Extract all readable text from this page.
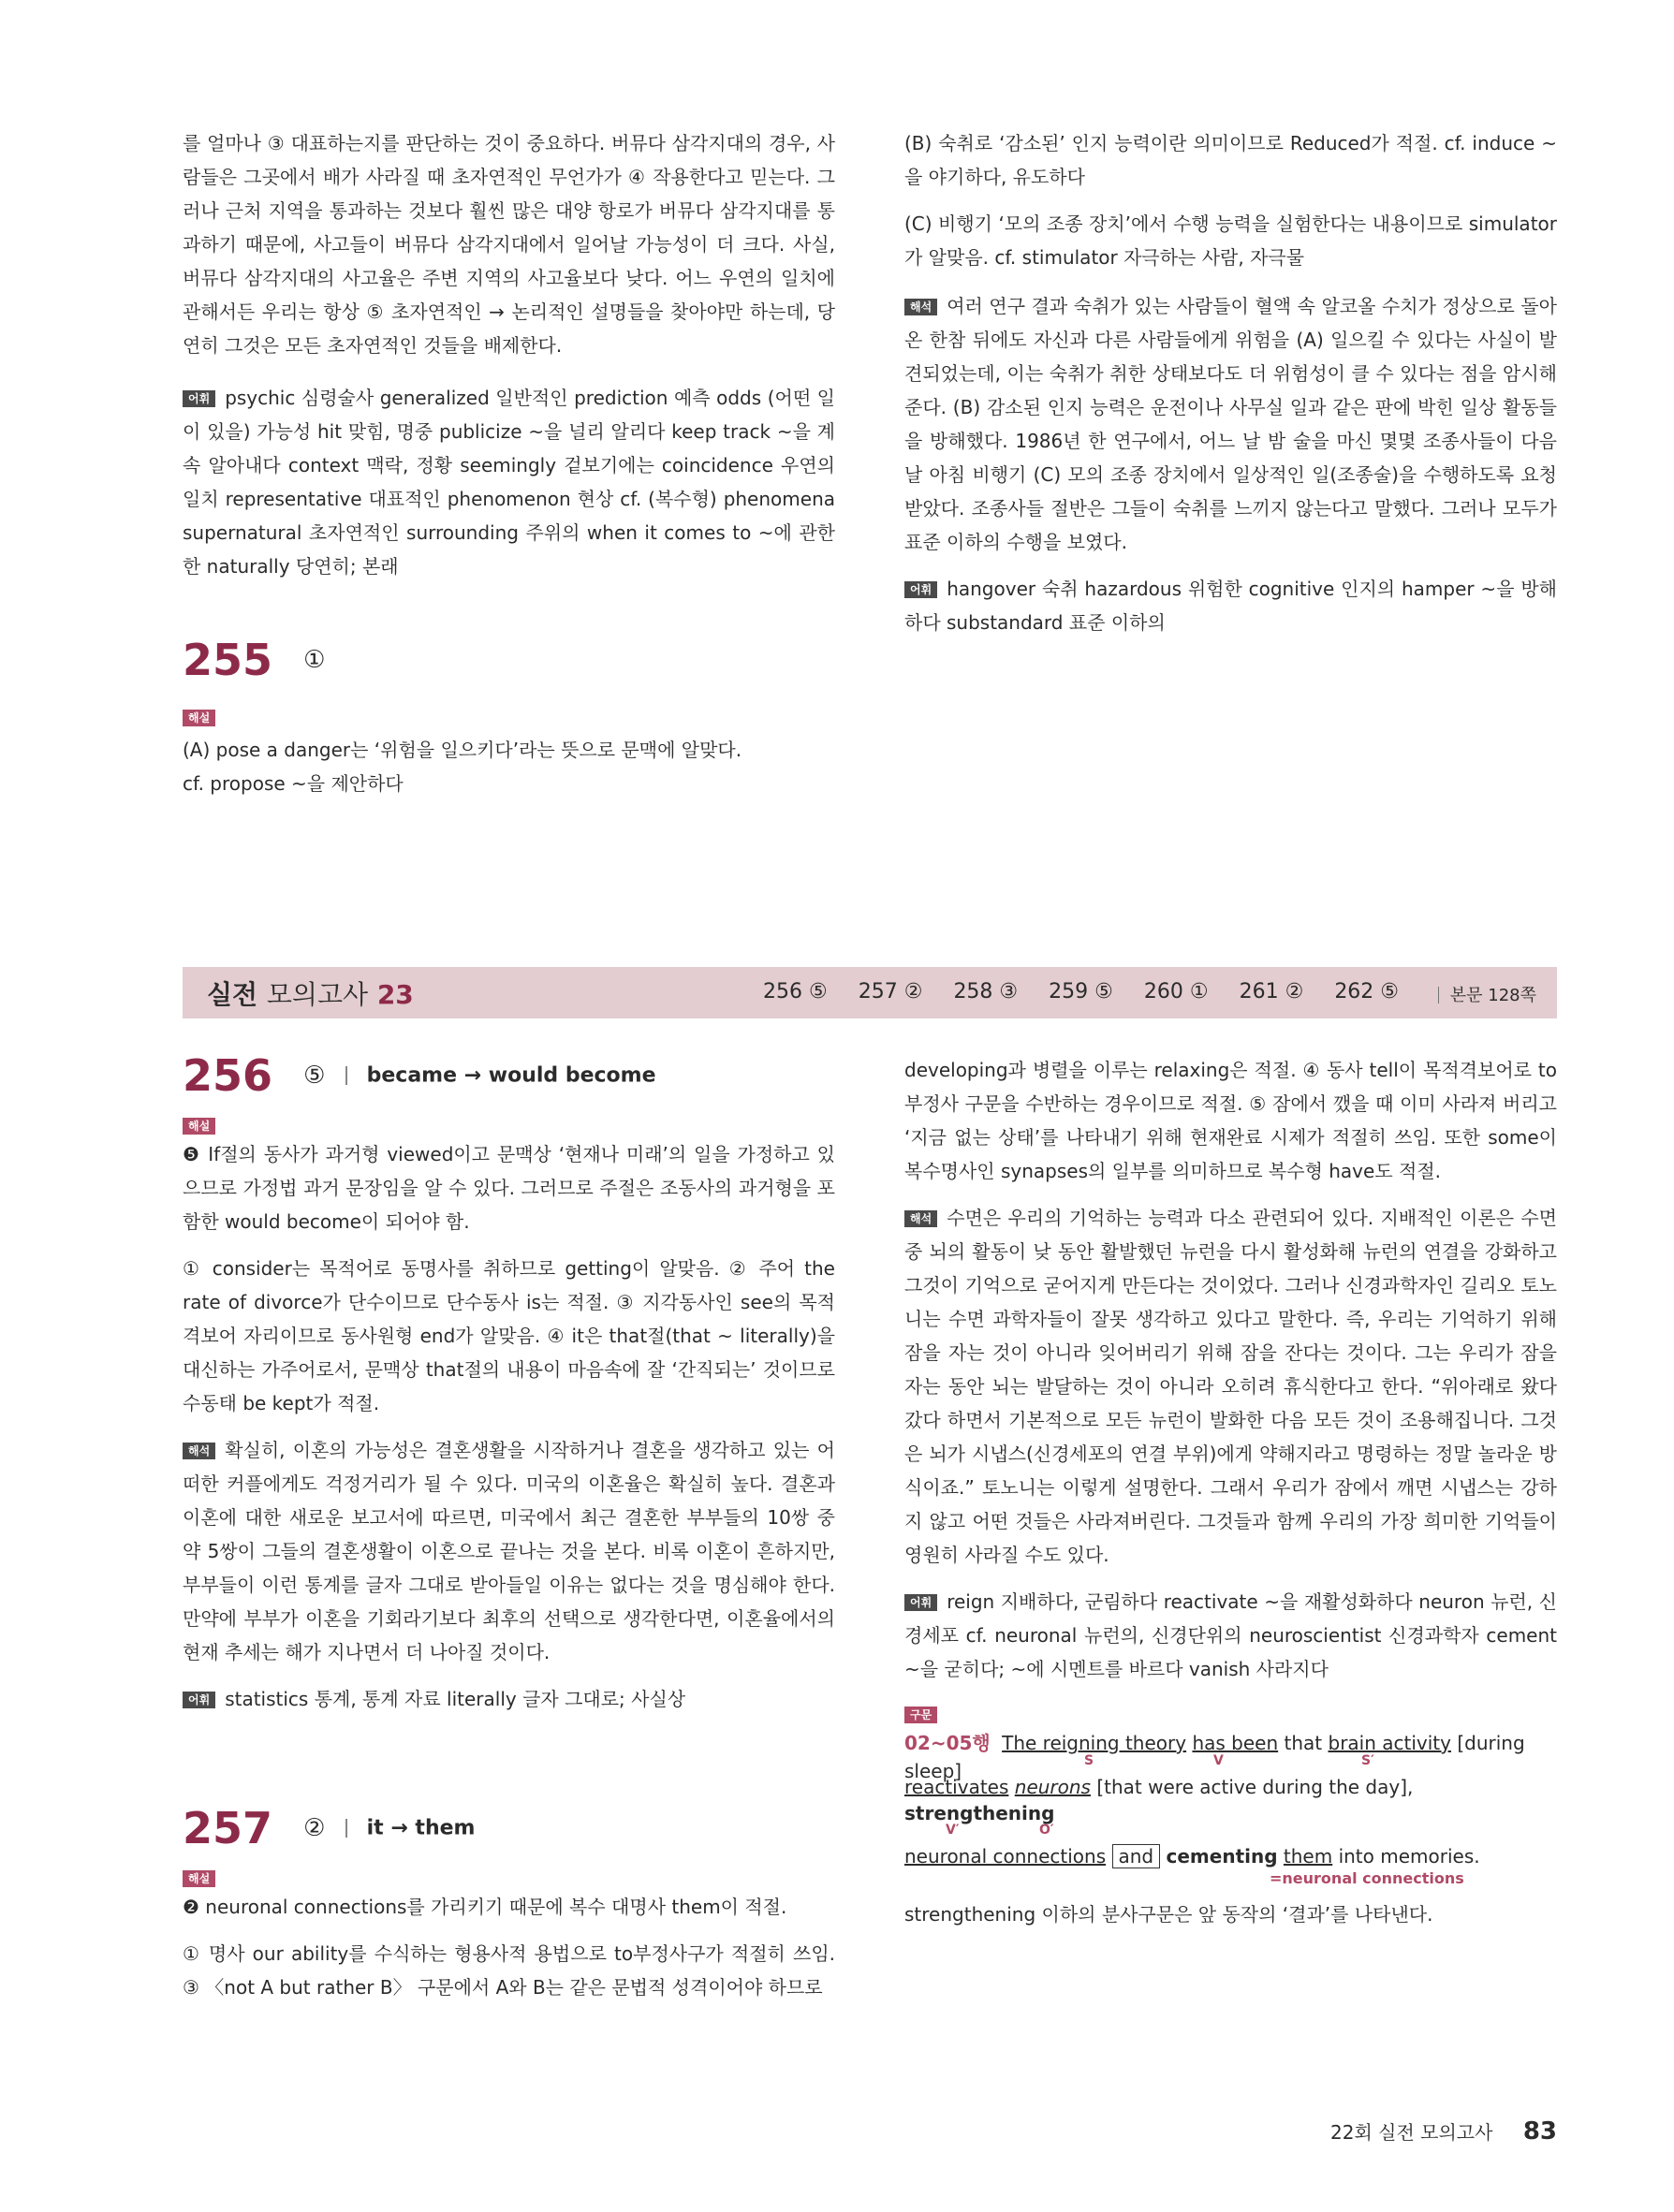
를 얼마나 ③ 대표하는지를 판단하는 것이 중요하다. 버뮤다 삼각지대의 경우, 사람들은 그곳에서 배가 사라질 때 초자연적인 무언가가 ④ 작용한다고 믿는다. 그러나 근처 지역을 통과하는 것보다 훨씬 많은 대양 항로가 버뮤다 삼각지대를 통과하기 때문에, 사고들이 버뮤다 삼각지대에서 일어날 가능성이 더 크다. 사실, 버뮤다 삼각지대의 사고율은 주변 지역의 사고율보다 낮다. 어느 우연의 일치에 관해서든 우리는 항상 ⑤ 초자연적인 → 논리적인 설명들을 찾아야만 하는데, 당연히 그것은 모든 초자연적인 것들을 배제한다.

어휘 psychic 심령술사 generalized 일반적인 prediction 예측 odds (어떤 일이 있을) 가능성 hit 맞힘, 명중 publicize ~을 널리 알리다 keep track ~을 계속 알아내다 context 맥락, 정황 seemingly 겉보기에는 coincidence 우연의 일치 representative 대표적인 phenomenon 현상 cf. (복수형) phenomena supernatural 초자연적인 surrounding 주위의 when it comes to ~에 관한 한 naturally 당연히; 본래

255 ①
해설

(A) pose a danger는 ‘위험을 일으키다’라는 뜻으로 문맥에 알맞다.

cf. propose ~을 제안하다

(B) 숙취로 ‘감소된’ 인지 능력이란 의미이므로 Reduced가 적절. cf. induce ~을 야기하다, 유도하다

(C) 비행기 ‘모의 조종 장치’에서 수행 능력을 실험한다는 내용이므로 simulator가 알맞음. cf. stimulator 자극하는 사람, 자극물

해석 여러 연구 결과 숙취가 있는 사람들이 혈액 속 알코올 수치가 정상으로 돌아온 한참 뒤에도 자신과 다른 사람들에게 위험을 (A) 일으킬 수 있다는 사실이 발견되었는데, 이는 숙취가 취한 상태보다도 더 위험성이 클 수 있다는 점을 암시해 준다. (B) 감소된 인지 능력은 운전이나 사무실 일과 같은 판에 박힌 일상 활동들을 방해했다. 1986년 한 연구에서, 어느 날 밤 술을 마신 몇몇 조종사들이 다음 날 아침 비행기 (C) 모의 조종 장치에서 일상적인 일(조종술)을 수행하도록 요청받았다. 조종사들 절반은 그들이 숙취를 느끼지 않는다고 말했다. 그러나 모두가 표준 이하의 수행을 보였다.

어휘 hangover 숙취 hazardous 위험한 cognitive 인지의 hamper ~을 방해하다 substandard 표준 이하의

실전 모의고사 23	256 ⑤ 257 ② 258 ③ 259 ⑤ 260 ① 261 ② 262 ⑤	본문 128쪽
256 ⑤ became → would become
해설

❺ If절의 동사가 과거형 viewed이고 문맥상 ‘현재나 미래’의 일을 가정하고 있으므로 가정법 과거 문장임을 알 수 있다. 그러므로 주절은 조동사의 과거형을 포함한 would become이 되어야 함.

① consider는 목적어로 동명사를 취하므로 getting이 알맞음. ② 주어 the rate of divorce가 단수이므로 단수동사 is는 적절. ③ 지각동사인 see의 목적격보어 자리이므로 동사원형 end가 알맞음. ④ it은 that절(that ~ literally)을 대신하는 가주어로서, 문맥상 that절의 내용이 마음속에 잘 ‘간직되는’ 것이므로 수동태 be kept가 적절.

해석 확실히, 이혼의 가능성은 결혼생활을 시작하거나 결혼을 생각하고 있는 어떠한 커플에게도 걱정거리가 될 수 있다. 미국의 이혼율은 확실히 높다. 결혼과 이혼에 대한 새로운 보고서에 따르면, 미국에서 최근 결혼한 부부들의 10쌍 중 약 5쌍이 그들의 결혼생활이 이혼으로 끝나는 것을 본다. 비록 이혼이 흔하지만, 부부들이 이런 통계를 글자 그대로 받아들일 이유는 없다는 것을 명심해야 한다. 만약에 부부가 이혼을 기회라기보다 최후의 선택으로 생각한다면, 이혼율에서의 현재 추세는 해가 지나면서 더 나아질 것이다.

어휘 statistics 통계, 통계 자료 literally 글자 그대로; 사실상

257 ② it → them
해설

❷ neuronal connections를 가리키기 때문에 복수 대명사 them이 적절.

① 명사 our ability를 수식하는 형용사적 용법으로 to부정사구가 적절히 쓰임. ③ 〈not A but rather B〉 구문에서 A와 B는 같은 문법적 성격이어야 하므로

developing과 병렬을 이루는 relaxing은 적절. ④ 동사 tell이 목적격보어로 to부정사 구문을 수반하는 경우이므로 적절. ⑤ 잠에서 깼을 때 이미 사라져 버리고 ‘지금 없는 상태’를 나타내기 위해 현재완료 시제가 적절히 쓰임. 또한 some이 복수명사인 synapses의 일부를 의미하므로 복수형 have도 적절.

해석 수면은 우리의 기억하는 능력과 다소 관련되어 있다. 지배적인 이론은 수면 중 뇌의 활동이 낮 동안 활발했던 뉴런을 다시 활성화해 뉴런의 연결을 강화하고 그것이 기억으로 굳어지게 만든다는 것이었다. 그러나 신경과학자인 길리오 토노니는 수면 과학자들이 잘못 생각하고 있다고 말한다. 즉, 우리는 기억하기 위해 잠을 자는 것이 아니라 잊어버리기 위해 잠을 잔다는 것이다. 그는 우리가 잠을 자는 동안 뇌는 발달하는 것이 아니라 오히려 휴식한다고 한다. “위아래로 왔다 갔다 하면서 기본적으로 모든 뉴런이 발화한 다음 모든 것이 조용해집니다. 그것은 뇌가 시냅스(신경세포의 연결 부위)에게 약해지라고 명령하는 정말 놀라운 방식이죠.” 토노니는 이렇게 설명한다. 그래서 우리가 잠에서 깨면 시냅스는 강하지 않고 어떤 것들은 사라져버린다. 그것들과 함께 우리의 가장 희미한 기억들이 영원히 사라질 수도 있다.

어휘 reign 지배하다, 군림하다 reactivate ~을 재활성화하다 neuron 뉴런, 신경세포 cf. neuronal 뉴런의, 신경단위의 neuroscientist 신경과학자 cement ~을 굳히다; ~에 시멘트를 바르다 vanish 사라지다

구문
02~05행 The reigning theory has been that brain activity [during sleep]	S	V	S′
reactivates neurons [that were active during the day], strengthening
V′	O′
neuronal connections and cementing them into memories.
=neuronal connections

strengthening 이하의 분사구문은 앞 동작의 ‘결과’를 나타낸다.

22회 실전 모의고사 83
